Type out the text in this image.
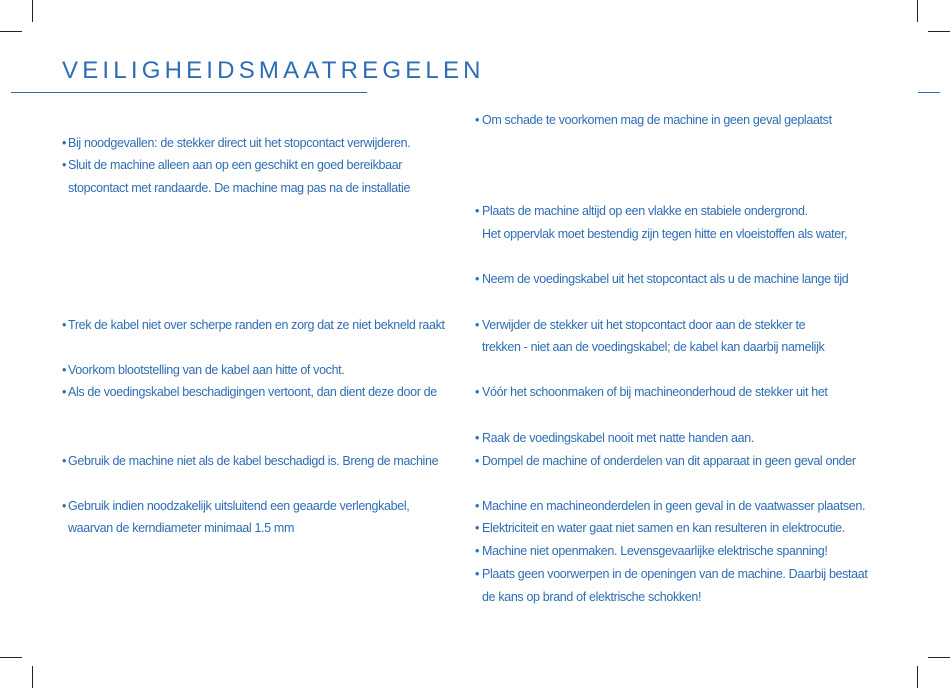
VEILIGHEIDSMAATREGELEN
• Bij noodgevallen: de stekker direct uit het stopcontact verwijderen.

• Sluit de machine alleen aan op een geschikt en goed bereikbaar

stopcontact met randaarde. De machine mag pas na de installatie

• Trek de kabel niet over scherpe randen en zorg dat ze niet bekneld raakt

• Voorkom blootstelling van de kabel aan hitte of vocht.

• Als de voedingskabel beschadigingen vertoont, dan dient deze door de

• Gebruik de machine niet als de kabel beschadigd is. Breng de machine

• Gebruik indien noodzakelijk uitsluitend een geaarde verlengkabel,

waarvan de kerndiameter minimaal 1.5 mm

• Om schade te voorkomen mag de machine in geen geval geplaatst

• Plaats de machine altijd op een vlakke en stabiele ondergrond.

Het oppervlak moet bestendig zijn tegen hitte en vloeistoffen als water,

• Neem de voedingskabel uit het stopcontact als u de machine lange tijd

• Verwijder de stekker uit het stopcontact door aan de stekker te

trekken - niet aan de voedingskabel; de kabel kan daarbij namelijk

• Vóór het schoonmaken of bij machineonderhoud de stekker uit het

• Raak de voedingskabel nooit met natte handen aan.

• Dompel de machine of onderdelen van dit apparaat in geen geval onder

• Machine en machineonderdelen in geen geval in de vaatwasser plaatsen.

• Elektriciteit en water gaat niet samen en kan resulteren in elektrocutie.

• Machine niet openmaken. Levensgevaarlijke elektrische spanning!

• Plaats geen voorwerpen in de openingen van de machine. Daarbij bestaat

de kans op brand of elektrische schokken!
